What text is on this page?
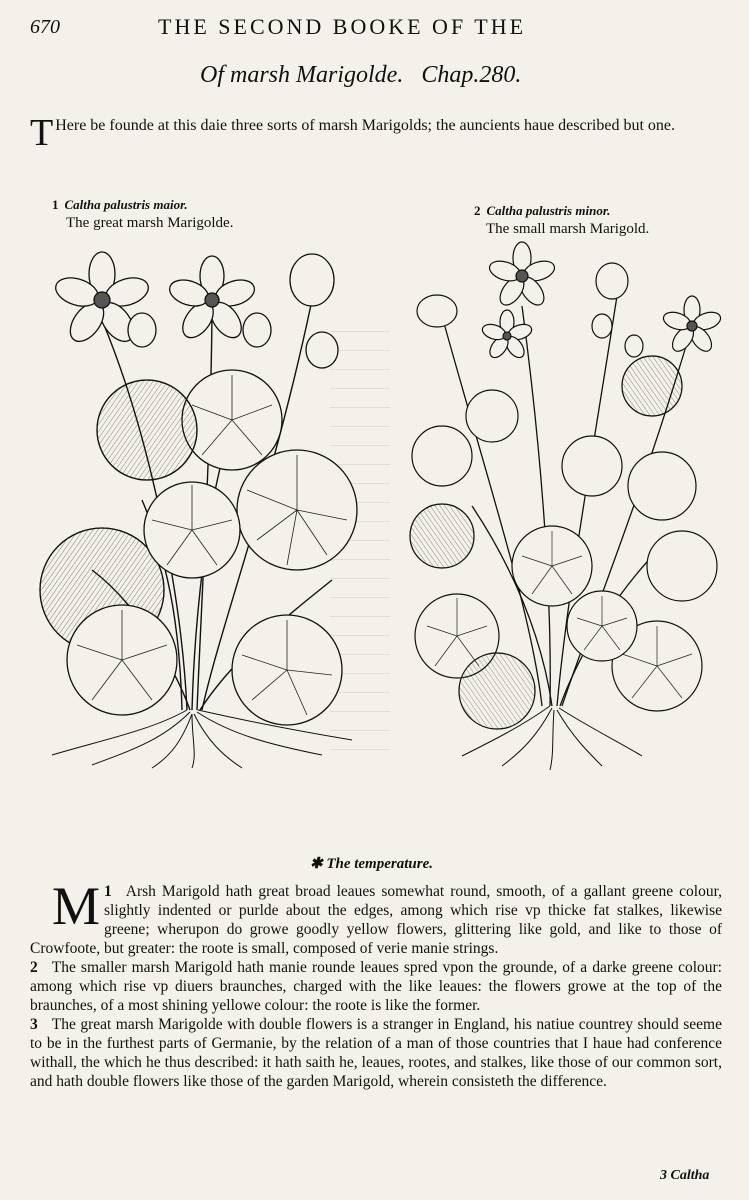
670	THE SECOND BOOKE OF THE
Of marsh Marigolde. Chap.280.
T Here be founde at this daie three sorts of marsh Marigolds; the auncients haue described but one.
1 Caltha palustris maior.
The great marsh Marigolde.
2 Caltha palustris minor.
The small marsh Marigold.
✱ The temperature.

1
M Arsh Marigold hath great broad leaues somewhat round, smooth, of a gallant greene colour, slightly indented or purlde about the edges, among which rise vp thicke fat stalkes, likewise greene; wherupon do growe goodly yellow flowers, glittering like gold, and like to those of Crowfoote, but greater: the roote is small, composed of verie manie strings.

2 The smaller marsh Marigold hath manie rounde leaues spred vpon the grounde, of a darke greene colour: among which rise vp diuers braunches, charged with the like leaues: the flowers growe at the top of the braunches, of a most shining yellowe colour: the roote is like the former.

3 The great marsh Marigolde with double flowers is a stranger in England, his natiue countrey should seeme to be in the furthest parts of Germanie, by the relation of a man of those countries that I haue had conference withall, the which he thus described: it hath saith he, leaues, rootes, and stalkes, like those of our common sort, and hath double flowers like those of the garden Marigold, wherein consisteth the difference.

3 Caltha
